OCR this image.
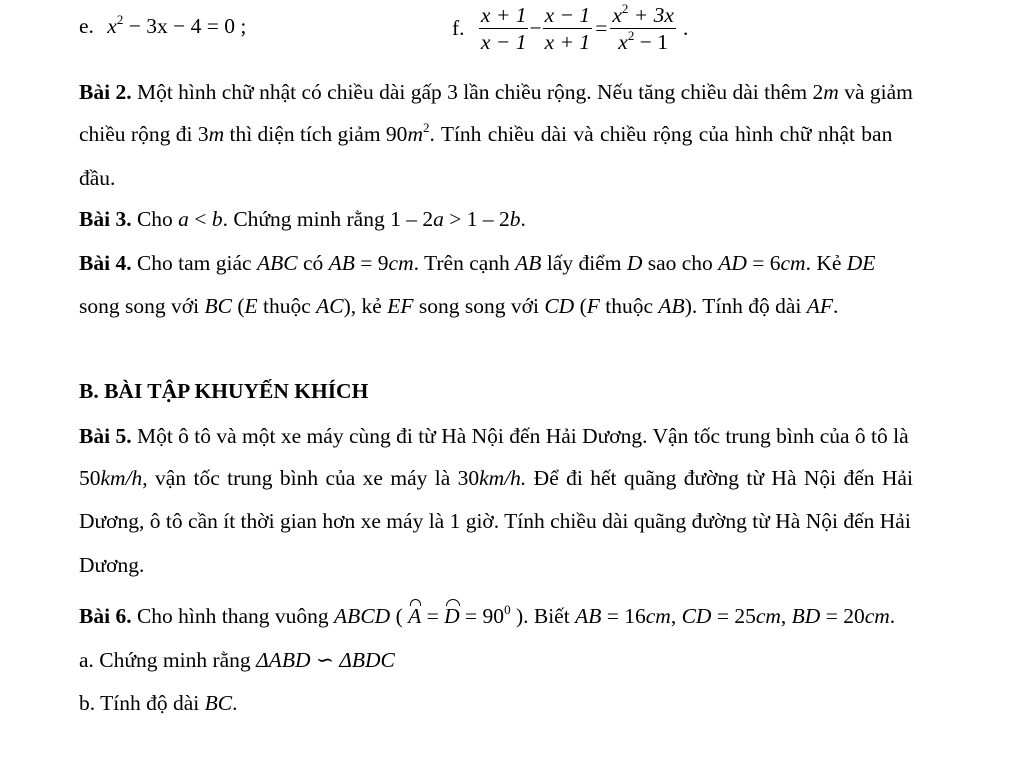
e. $x^2 - 3x - 4 = 0$ ;	f. $\frac{x + 1}{x - 1} - \frac{x - 1}{x + 1} = \frac{x^2 + 3x}{x^2 - 1}$ .
Bài 2. Một hình chữ nhật có chiều dài gấp 3 lần chiều rộng. Nếu tăng chiều dài thêm 2m và giảm
chiều rộng đi 3m thì diện tích giảm $90m^2$. Tính chiều dài và chiều rộng của hình chữ nhật ban
đầu.
Bài 3. Cho a < b. Chứng minh rằng 1 – 2a > 1 – 2b.
Bài 4. Cho tam giác ABC có AB = 9cm. Trên cạnh AB lấy điểm D sao cho AD = 6cm. Kẻ DE
song song với BC (E thuộc AC), kẻ EF song song với CD (F thuộc AB). Tính độ dài AF.
B. BÀI TẬP KHUYẾN KHÍCH
Bài 5. Một ô tô và một xe máy cùng đi từ Hà Nội đến Hải Dương. Vận tốc trung bình của ô tô là
50km/h, vận tốc trung bình của xe máy là 30km/h. Để đi hết quãng đường từ Hà Nội đến Hải
Dương, ô tô cần ít thời gian hơn xe máy là 1 giờ. Tính chiều dài quãng đường từ Hà Nội đến Hải
Dương.
Bài 6. Cho hình thang vuông ABCD ( $A = D = 90^0$ ). Biết AB = 16cm, CD = 25cm, BD = 20cm.
a. Chứng minh rằng ΔABD ∽ ΔBDC
b. Tính độ dài BC.
